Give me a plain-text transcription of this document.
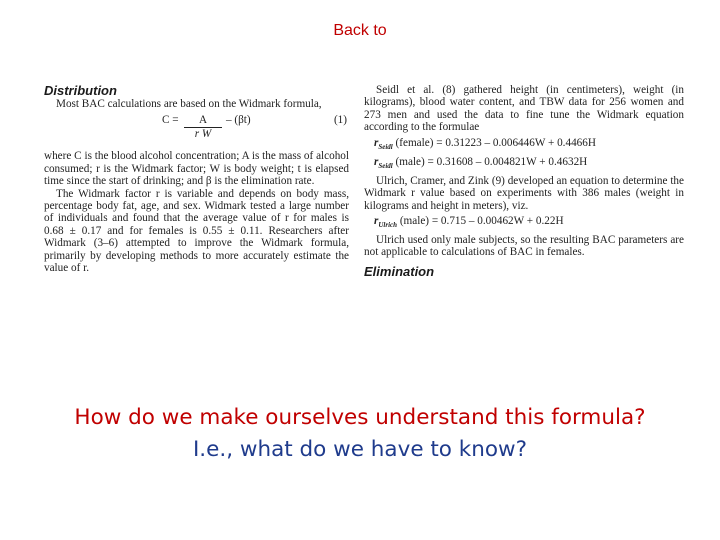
Back to
Distribution

Most BAC calculations are based on the Widmark formula,

$C = \frac{A}{\text{r W}} - (\beta t)$	(1)

where C is the blood alcohol concentration; A is the mass of alcohol consumed; r is the Widmark factor; W is body weight; t is elapsed time since the start of drinking; and β is the elimination rate.

The Widmark factor r is variable and depends on body mass, percentage body fat, age, and sex. Widmark tested a large number of individuals and found that the average value of r for males is 0.68 ± 0.17 and for females is 0.55 ± 0.11. Researchers after Widmark (3–6) attempted to improve the Widmark formula, primarily by developing methods to more accurately estimate the value of r.

Seidl et al. (8) gathered height (in centimeters), weight (in kilograms), blood water content, and TBW data for 256 women and 273 men and used the data to fine tune the Widmark equation according to the formulae

$r_{Seidl}$ (female) = 0.31223 – 0.006446W + 0.4466H
$r_{Seidl}$ (male) = 0.31608 – 0.004821W + 0.4632H

Ulrich, Cramer, and Zink (9) developed an equation to determine the Widmark r value based on experiments with 386 males (weight in kilograms and height in meters), viz.

$r_{Ulrich}$ (male) = 0.715 – 0.00462W + 0.22H

Ulrich used only male subjects, so the resulting BAC parameters are not applicable to calculations of BAC in females.

Elimination
How do we make ourselves understand this formula? I.e., what do we have to know?
